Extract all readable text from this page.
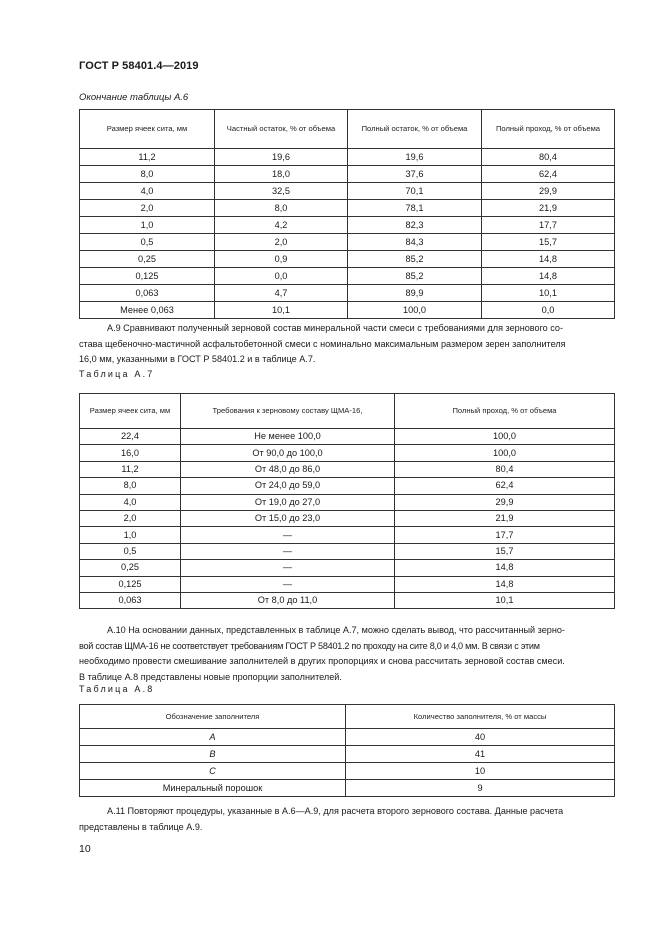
ГОСТ Р 58401.4—2019
Окончание таблицы А.6
Размер ячеек сита, мм	Частный остаток, % от объема	Полный остаток, % от объема	Полный проход, % от объема
11,2	19,6	19,6	80,4
8,0	18,0	37,6	62,4
4,0	32,5	70,1	29,9
2,0	8,0	78,1	21,9
1,0	4,2	82,3	17,7
0,5	2,0	84,3	15,7
0,25	0,9	85,2	14,8
0,125	0,0	85,2	14,8
0,063	4,7	89,9	10,1
Менее 0,063	10,1	100,0	0,0
А.9 Сравнивают полученный зерновой состав минеральной части смеси с требованиями для зернового со-
става щебеночно-мастичной асфальтобетонной смеси с номинально максимальным размером зерен заполнителя
16,0 мм, указанными в ГОСТ Р 58401.2 и в таблице А.7.
Таблица А.7
Размер ячеек сита, мм	Требования к зерновому составу ЩМА-16,	Полный проход, % от объема
22,4	Не менее 100,0	100,0
16,0	От 90,0 до 100,0	100,0
11,2	От 48,0 до 86,0	80,4
8,0	От 24,0 до 59,0	62,4
4,0	От 19,0 до 27,0	29,9
2,0	От 15,0 до 23,0	21,9
1,0	—	17,7
0,5	—	15,7
0,25	—	14,8
0,125	—	14,8
0,063	От 8,0 до 11,0	10,1
А.10 На основании данных, представленных в таблице А.7, можно сделать вывод, что рассчитанный зерно-
вой состав ЩМА-16 не соответствует требованиям ГОСТ Р 58401.2 по проходу на сите 8,0 и 4,0 мм. В связи с этим
необходимо провести смешивание заполнителей в других пропорциях и снова рассчитать зерновой состав смеси.
В таблице А.8 представлены новые пропорции заполнителей.
Таблица А.8
Обозначение заполнителя	Количество заполнителя, % от массы
A	40
B	41
C	10
Минеральный порошок	9
А.11 Повторяют процедуры, указанные в А.6—А.9, для расчета второго зернового состава. Данные расчета
представлены в таблице А.9.
10
